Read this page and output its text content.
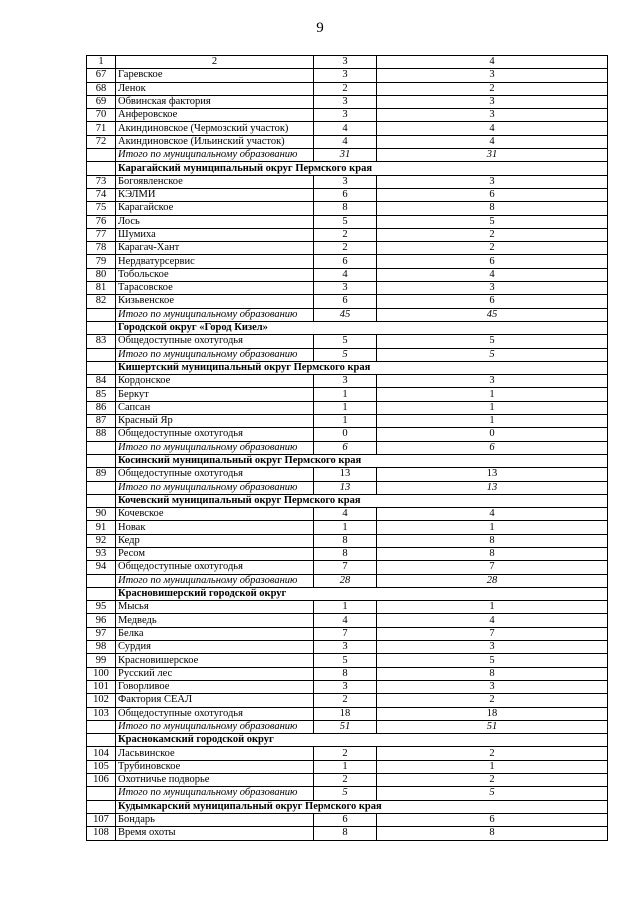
9
1	2	3	4
67	Гаревское	3	3
68	Ленок	2	2
69	Обвинская фактория	3	3
70	Анферовское	3	3
71	Акиндиновское (Чермозский участок)	4	4
72	Акиндиновское (Ильинский участок)	4	4
	Итого по муниципальному образованию	31	31
	Карагайский муниципальный округ Пермского края		
73	Богоявленское	3	3
74	КЭЛМИ	6	6
75	Карагайское	8	8
76	Лось	5	5
77	Шумиха	2	2
78	Карагач-Хант	2	2
79	Нердватурсервис	6	6
80	Тобольское	4	4
81	Тарасовское	3	3
82	Кизьвенское	6	6
	Итого по муниципальному образованию	45	45
	Городской округ «Город Кизел»		
83	Общедоступные охотугодья	5	5
	Итого по муниципальному образованию	5	5
	Кишертский муниципальный округ Пермского края		
84	Кордонское	3	3
85	Беркут	1	1
86	Сапсан	1	1
87	Красный Яр	1	1
88	Общедоступные охотугодья	0	0
	Итого по муниципальному образованию	6	6
	Косинский муниципальный округ Пермского края		
89	Общедоступные охотугодья	13	13
	Итого по муниципальному образованию	13	13
	Кочевский муниципальный округ Пермского края		
90	Кочевское	4	4
91	Новак	1	1
92	Кедр	8	8
93	Ресом	8	8
94	Общедоступные охотугодья	7	7
	Итого по муниципальному образованию	28	28
	Красновишерский городской округ		
95	Мысья	1	1
96	Медведь	4	4
97	Белка	7	7
98	Сурдия	3	3
99	Красновишерское	5	5
100	Русский лес	8	8
101	Говорливое	3	3
102	Фактория СЕАЛ	2	2
103	Общедоступные охотугодья	18	18
	Итого по муниципальному образованию	51	51
	Краснокамский городской округ		
104	Ласьвинское	2	2
105	Трубиновское	1	1
106	Охотничье подворье	2	2
	Итого по муниципальному образованию	5	5
	Кудымкарский муниципальный округ Пермского края		
107	Бондарь	6	6
108	Время охоты	8	8
